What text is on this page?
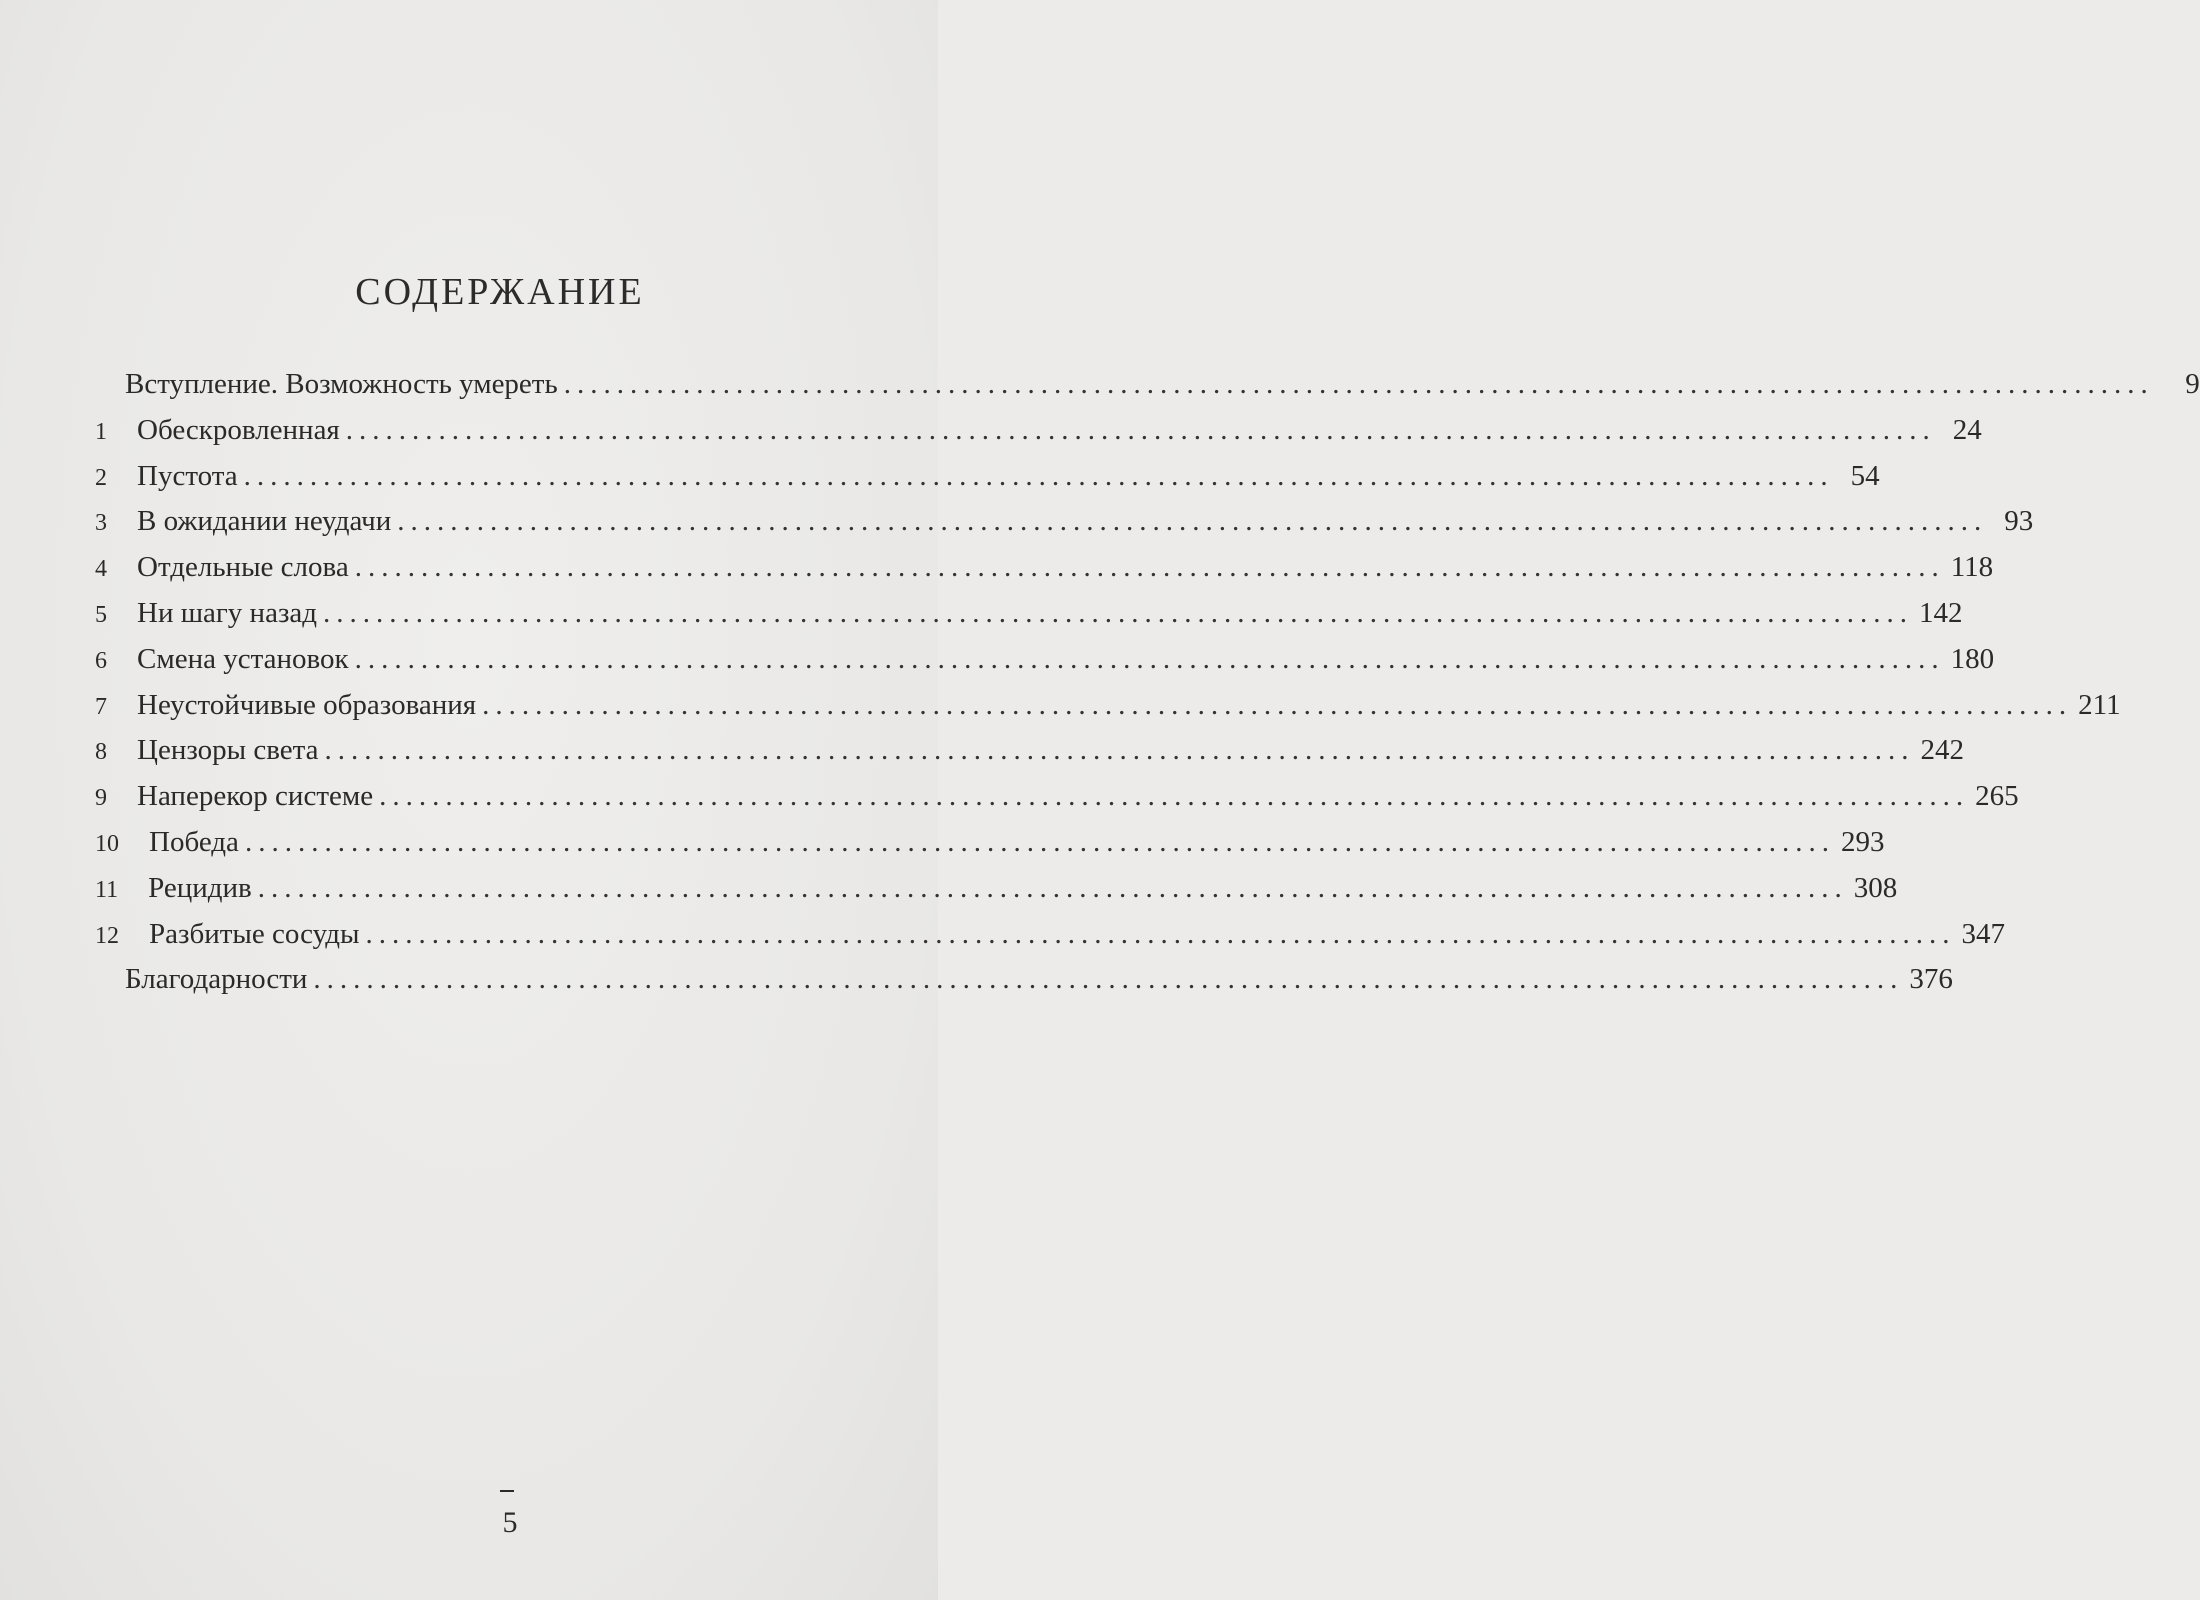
СОДЕРЖАНИЕ
Вступление. Возможность умереть ........................................................................................................................	9
1 Обескровленная ........................................................................................................................ 24
2 Пустота ........................................................................................................................ 54
3 В ожидании неудачи ........................................................................................................................ 93
4 Отдельные слова ........................................................................................................................ 118
5 Ни шагу назад ........................................................................................................................ 142
6 Смена установок ........................................................................................................................ 180
7 Неустойчивые образования ........................................................................................................................ 211
8 Цензоры света ........................................................................................................................ 242
9 Наперекор системе ........................................................................................................................ 265
10 Победа ........................................................................................................................ 293
11 Рецидив ........................................................................................................................ 308
12 Разбитые сосуды ........................................................................................................................ 347
Благодарности ........................................................................................................................ 376
5
